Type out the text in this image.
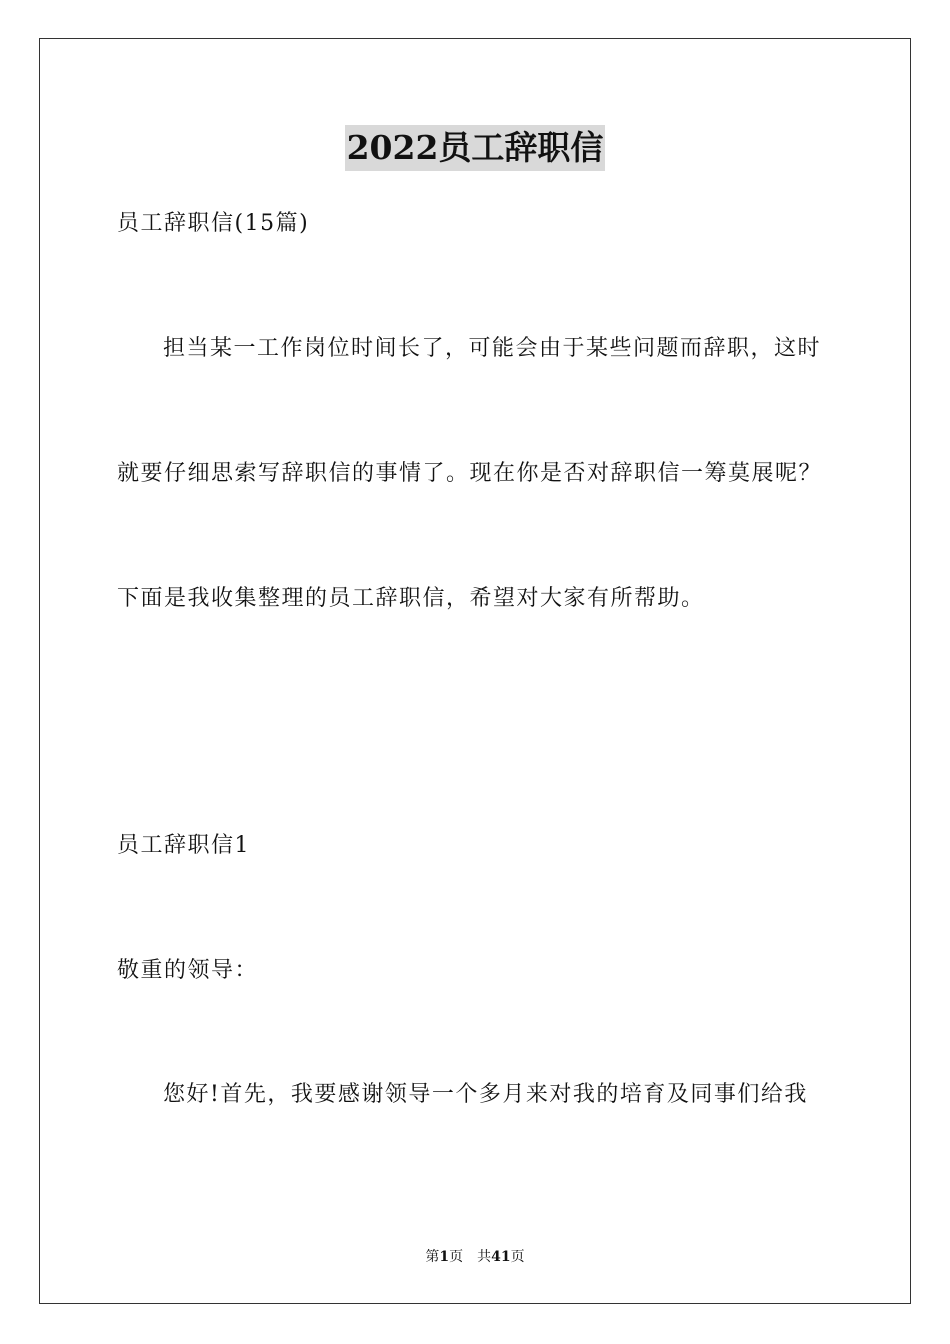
2022员工辞职信
员工辞职信(15篇)
担当某一工作岗位时间长了，可能会由于某些问题而辞职，这时
就要仔细思索写辞职信的事情了。现在你是否对辞职信一筹莫展呢？
下面是我收集整理的员工辞职信，希望对大家有所帮助。
员工辞职信1
敬重的领导：
您好!首先，我要感谢领导一个多月来对我的培育及同事们给我
第1页 共41页
